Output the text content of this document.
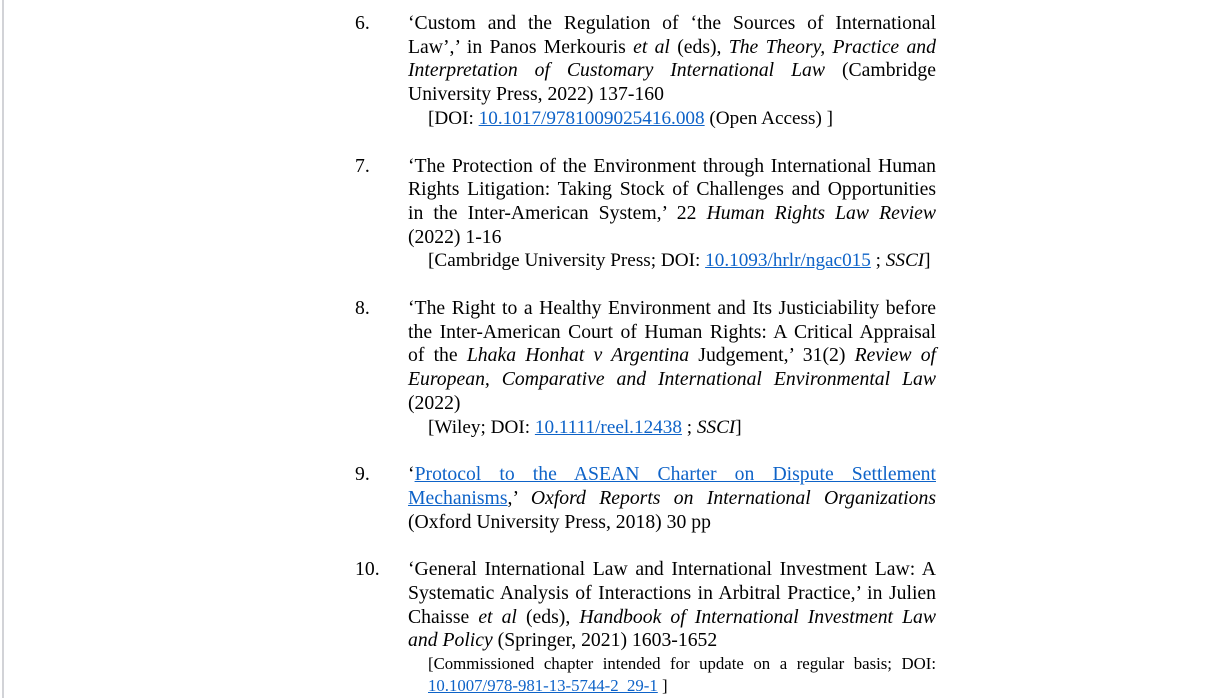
6.	‘Custom and the Regulation of ‘the Sources of International Law’,’ in Panos Merkouris et al (eds), The Theory, Practice and Interpretation of Customary International Law (Cambridge University Press, 2022) 137-160
[DOI: 10.1017/9781009025416.008 (Open Access) ]
7.	‘The Protection of the Environment through International Human Rights Litigation: Taking Stock of Challenges and Opportunities in the Inter-American System,’ 22 Human Rights Law Review (2022) 1-16
[Cambridge University Press; DOI: 10.1093/hrlr/ngac015 ; SSCI]
8.	‘The Right to a Healthy Environment and Its Justiciability before the Inter-American Court of Human Rights: A Critical Appraisal of the Lhaka Honhat v Argentina Judgement,’ 31(2) Review of European, Comparative and International Environmental Law (2022)
[Wiley; DOI: 10.1111/reel.12438 ; SSCI]
9.	‘Protocol to the ASEAN Charter on Dispute Settlement Mechanisms,’ Oxford Reports on International Organizations (Oxford University Press, 2018) 30 pp
10.	‘General International Law and International Investment Law: A Systematic Analysis of Interactions in Arbitral Practice,’ in Julien Chaisse et al (eds), Handbook of International Investment Law and Policy (Springer, 2021) 1603-1652
[Commissioned chapter intended for update on a regular basis; DOI:
10.1007/978-981-13-5744-2_29-1 ]
